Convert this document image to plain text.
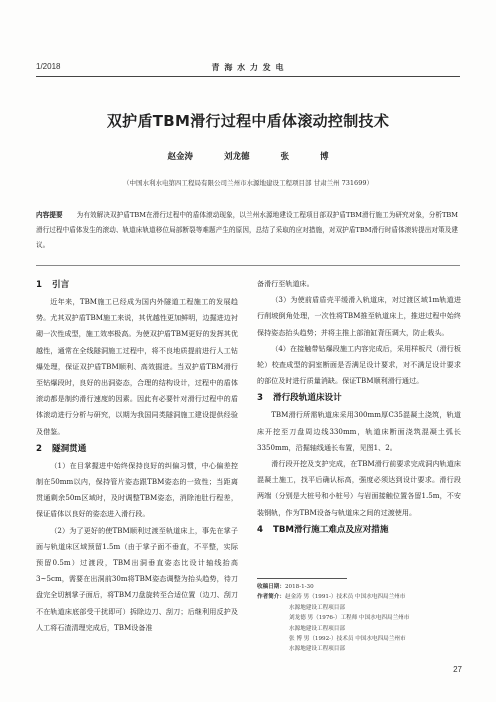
1/2018	青 海 水 力 发 电
双护盾TBM滑行过程中盾体滚动控制技术
赵金涛	刘龙德	张 博
（中国水利水电第四工程局有限公司兰州市水源地建设工程项目部 甘肃兰州 731699）
内容提要 为有效解决双护盾TBM在滑行过程中的盾体滚动现象，以兰州水源地建设工程项目部双护盾TBM滑行施工为研究对象，分析TBM滑行过程中盾体发生的滚动、轨道床轨道移位局部断裂等难题产生的原因，总结了采取的应对措施，对双护盾TBM滑行时盾体滚转提出对策及建议。
1 引言

近年来，TBM施工已经成为国内外隧道工程施工的发展趋势。尤其双护盾TBM施工来说，其优越性更加鲜明，边掘进边衬砌一次性成型，施工效率极高。为使双护盾TBM更好的发挥其优越性，通常在全线隧洞施工过程中，将不良地质提前进行人工钻爆处理，保证双护盾TBM顺利、高效掘进。当双护盾TBM滑行至钻爆段时，良好的出洞姿态，合理的结构设计，过程中的盾体滚动都是制约滑行速度的因素。因此有必要针对滑行过程中的盾体滚动进行分析与研究，以期为我国同类隧洞施工建设提供经验及借鉴。

2 隧洞贯通

（1）在目掌握进中始终保持良好的纠偏习惯，中心偏差控制在50mm以内，保持管片姿态跟TBM姿态的一致性；当距离贯通剩余50m区域时，及时调整TBM姿态，消除池肚行程差，保证盾体以良好的姿态进入滑行段。

（2）为了更好的使TBM顺利过渡至轨道床上，事先在掌子面与轨道床区域预留1.5m（由于掌子面不垂直，不平整，实际预留0.5m）过渡段，TBM出洞垂直姿态比设计轴线抬高3~5cm，需要在出洞前30m将TBM姿态调整为抬头趋势，待刀盘完全切割掌子面后，将TBM刀盘旋转至合适位置（边刀、刮刀不在轨道床底部受干扰即可）拆除边刀、刮刀；后继利用反护及人工将石渣清理完成后，TBM设备准

备滑行至轨道床。

（3）为使前盾盾壳平缓滑入轨道床，对过渡区域1m轨道进行削坡倒角处理，一次性将TBM推至轨道床上，推进过程中始终保持姿态抬头趋势；并将主推上部油缸背压调大，防止栽头。

（4）在接触带钻爆段施工内容完成后，采用样板尺（滑行板轮）校查成型的洞室断面是否满足设计要求，对不满足设计要求的部位及时进行质量消缺。保证TBM顺利滑行通过。

3 滑行段轨道床设计

TBM滑行所需轨道床采用300mm厚C35混凝土浇筑，轨道床开挖至刀盘周边线330mm，轨道床断面浇筑混凝土弧长3350mm，沿掘轴线通长布置，见图1、2。

滑行段开挖及支护完成，在TBM滑行前要求完成洞内轨道床混凝土施工，找平后确认标高，强度必须达到设计要求。滑行段两端（分别是大桩号和小桩号）与岩面接触位置各留1.5m，不安装钢轨，作为TBM设备与轨道床之间的过渡使用。

4 TBM滑行施工难点及应对措施
收稿日期： 2018-1-30
作者简介： 赵金涛 男（1991-）技术员 中国水电四局兰州市
水源地建设工程项目部
刘龙德 男（1976-）工程师 中国水电四局兰州市
水源地建设工程项目部
张 博 男（1992-）技术员 中国水电四局兰州市
水源地建设工程项目部
27
